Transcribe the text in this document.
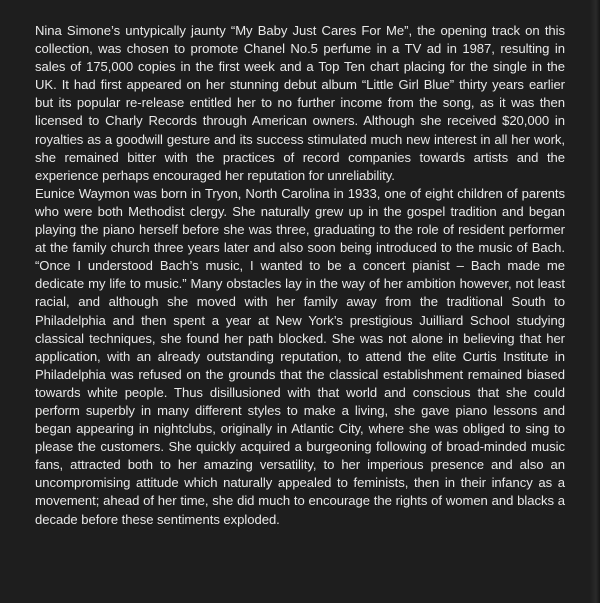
Nina Simone’s untypically jaunty “My Baby Just Cares For Me”, the opening track on this collection, was chosen to promote Chanel No.5 perfume in a TV ad in 1987, resulting in sales of 175,000 copies in the first week and a Top Ten chart placing for the single in the UK. It had first appeared on her stunning debut album “Little Girl Blue” thirty years earlier but its popular re-release entitled her to no further income from the song, as it was then licensed to Charly Records through American owners. Although she received $20,000 in royalties as a goodwill gesture and its success stimulated much new interest in all her work, she remained bitter with the practices of record companies towards artists and the experience perhaps encouraged her reputation for unreliability.

Eunice Waymon was born in Tryon, North Carolina in 1933, one of eight children of parents who were both Methodist clergy. She naturally grew up in the gospel tradition and began playing the piano herself before she was three, graduating to the role of resident performer at the family church three years later and also soon being introduced to the music of Bach. “Once I understood Bach’s music, I wanted to be a concert pianist – Bach made me dedicate my life to music.” Many obstacles lay in the way of her ambition however, not least racial, and although she moved with her family away from the traditional South to Philadelphia and then spent a year at New York’s prestigious Juilliard School studying classical techniques, she found her path blocked. She was not alone in believing that her application, with an already outstanding reputation, to attend the elite Curtis Institute in Philadelphia was refused on the grounds that the classical establishment remained biased towards white people. Thus disillusioned with that world and conscious that she could perform superbly in many different styles to make a living, she gave piano lessons and began appearing in nightclubs, originally in Atlantic City, where she was obliged to sing to please the customers. She quickly acquired a burgeoning following of broad-minded music fans, attracted both to her amazing versatility, to her imperious presence and also an uncompromising attitude which naturally appealed to feminists, then in their infancy as a movement; ahead of her time, she did much to encourage the rights of women and blacks a decade before these sentiments exploded.
